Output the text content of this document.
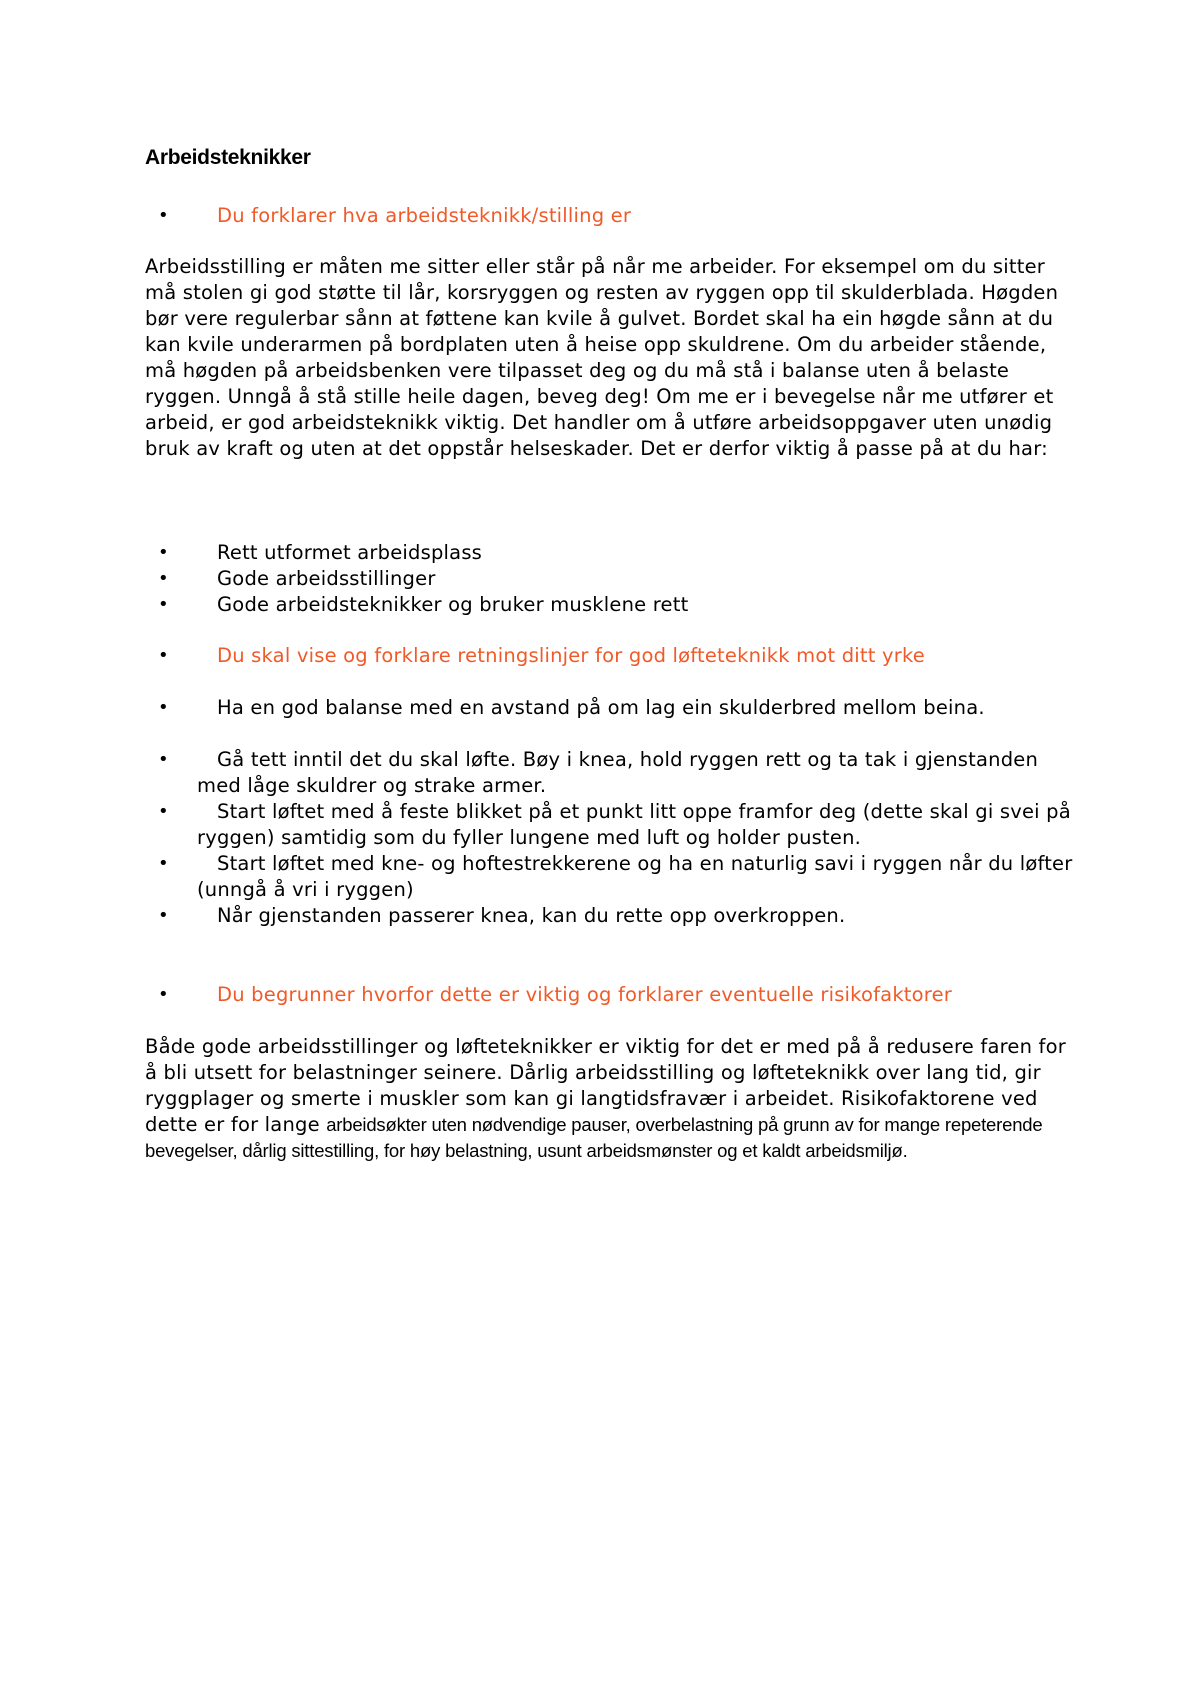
Arbeidsteknikker
• Du forklarer hva arbeidsteknikk/stilling er

Arbeidsstilling er måten me sitter eller står på når me arbeider. For eksempel om du sitter må stolen gi god støtte til lår, korsryggen og resten av ryggen opp til skulderblada. Høgden bør vere regulerbar sånn at føttene kan kvile å gulvet. Bordet skal ha ein høgde sånn at du kan kvile underarmen på bordplaten uten å heise opp skuldrene. Om du arbeider stående, må høgden på arbeidsbenken vere tilpasset deg og du må stå i balanse uten å belaste ryggen. Unngå å stå stille heile dagen, beveg deg! Om me er i bevegelse når me utfører et arbeid, er god arbeidsteknikk viktig. Det handler om å utføre arbeidsoppgaver uten unødig bruk av kraft og uten at det oppstår helseskader. Det er derfor viktig å passe på at du har:

• Rett utformet arbeidsplass
• Gode arbeidsstillinger
• Gode arbeidsteknikker og bruker musklene rett
• Du skal vise og forklare retningslinjer for god løfteteknikk mot ditt yrke
•	Ha en god balanse med en avstand på om lag ein skulderbred mellom beina.
•	Gå tett inntil det du skal løfte. Bøy i knea, hold ryggen rett og ta tak i gjenstanden med låge skuldrer og strake armer.
•	Start løftet med å feste blikket på et punkt litt oppe framfor deg (dette skal gi svei på ryggen) samtidig som du fyller lungene med luft og holder pusten.
•	Start løftet med kne- og hoftestrekkerene og ha en naturlig savi i ryggen når du løfter (unngå å vri i ryggen)
•	Når gjenstanden passerer knea, kan du rette opp overkroppen.
• Du begrunner hvorfor dette er viktig og forklarer eventuelle risikofaktorer

Både gode arbeidsstillinger og løfteteknikker er viktig for det er med på å redusere faren for å bli utsett for belastninger seinere. Dårlig arbeidsstilling og løfteteknikk over lang tid, gir ryggplager og smerte i muskler som kan gi langtidsfravær i arbeidet. Risikofaktorene ved dette er for lange arbeidsøkter uten nødvendige pauser, overbelastning på grunn av for mange repeterende bevegelser, dårlig sittestilling, for høy belastning, usunt arbeidsmønster og et kaldt arbeidsmiljø.
